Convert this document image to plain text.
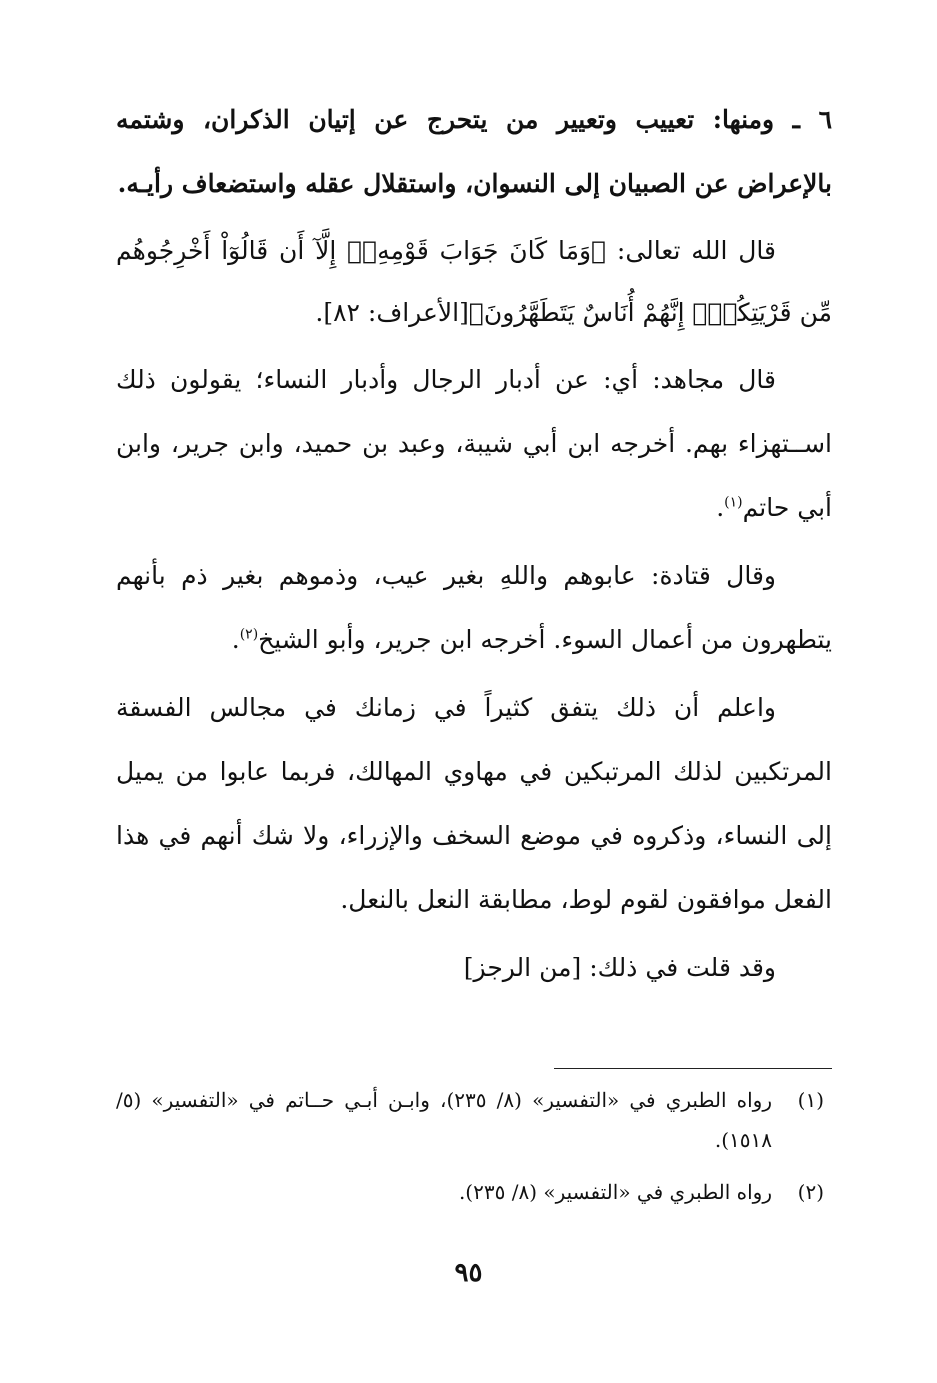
٦ ـ ومنها: تعييب وتعيير من يتحرج عن إتيان الذكران، وشتمه بالإعراض عن الصبيان إلى النسوان، واستقلال عقله واستضعاف رأيـه.

قال الله تعالى: ﴿وَمَا كَانَ جَوَابَ قَوْمِهِۦٓ إِلَّآ أَن قَالُوٓاْ أَخْرِجُوهُم مِّن قَرْيَتِكُمْۖ إِنَّهُمْ أُنَاسٌ يَتَطَهَّرُونَ﴾[الأعراف: ٨٢].

قال مجاهد: أي: عن أدبار الرجال وأدبار النساء؛ يقولون ذلك اســتهزاء بهم. أخرجه ابن أبي شيبة، وعبد بن حميد، وابن جرير، وابن أبي حاتم$^{(١)}$.

وقال قتادة: عابوهم واللهِ بغير عيب، وذموهم بغير ذم بأنهم يتطهرون من أعمال السوء. أخرجه ابن جرير، وأبو الشيخ$^{(٢)}$.

واعلم أن ذلك يتفق كثيراً في زمانك في مجالس الفسقة المرتكبين لذلك المرتبكين في مهاوي المهالك، فربما عابوا من يميل إلى النساء، وذكروه في موضع السخف والإزراء، ولا شك أنهم في هذا الفعل موافقون لقوم لوط، مطابقة النعل بالنعل.

وقد قلت في ذلك: [من الرجز]

(١)
رواه الطبري في «التفسير» (٨/ ٢٣٥)، وابـن أبـي حــاتم في «التفسير» (٥/ ١٥١٨).
(٢)
رواه الطبري في «التفسير» (٨/ ٢٣٥).
٩٥
